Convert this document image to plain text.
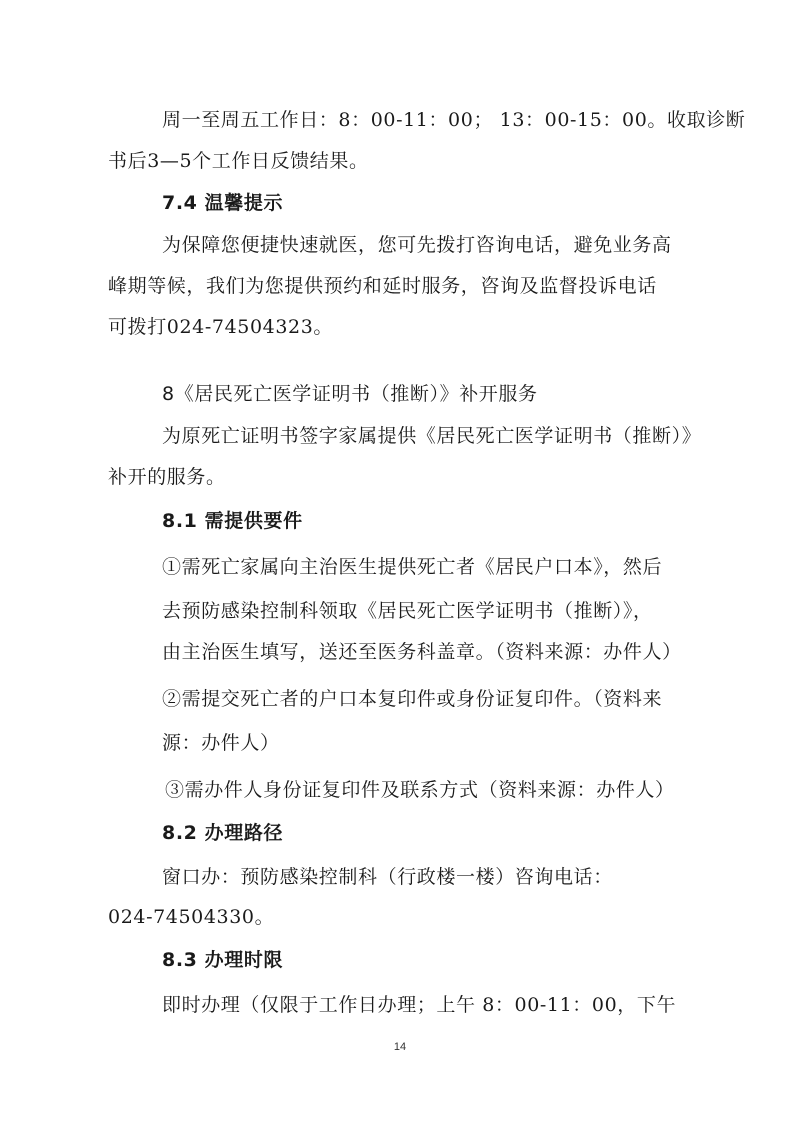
周一至周五工作日：8：00-11：00； 13：00-15：00。收取诊断
书后3—5个工作日反馈结果。
7.4 温馨提示
为保障您便捷快速就医，您可先拨打咨询电话，避免业务高
峰期等候，我们为您提供预约和延时服务，咨询及监督投诉电话
可拨打024-74504323。
8《居民死亡医学证明书（推断）》补开服务
为原死亡证明书签字家属提供《居民死亡医学证明书（推断）》
补开的服务。
8.1 需提供要件
①需死亡家属向主治医生提供死亡者《居民户口本》，然后
去预防感染控制科领取《居民死亡医学证明书（推断）》，
由主治医生填写，送还至医务科盖章。（资料来源：办件人）
②需提交死亡者的户口本复印件或身份证复印件。（资料来
源：办件人）
③需办件人身份证复印件及联系方式（资料来源：办件人）
8.2 办理路径
窗口办：预防感染控制科（行政楼一楼）咨询电话：
024-74504330。
8.3 办理时限
即时办理（仅限于工作日办理；上午 8：00-11：00，下午
14
